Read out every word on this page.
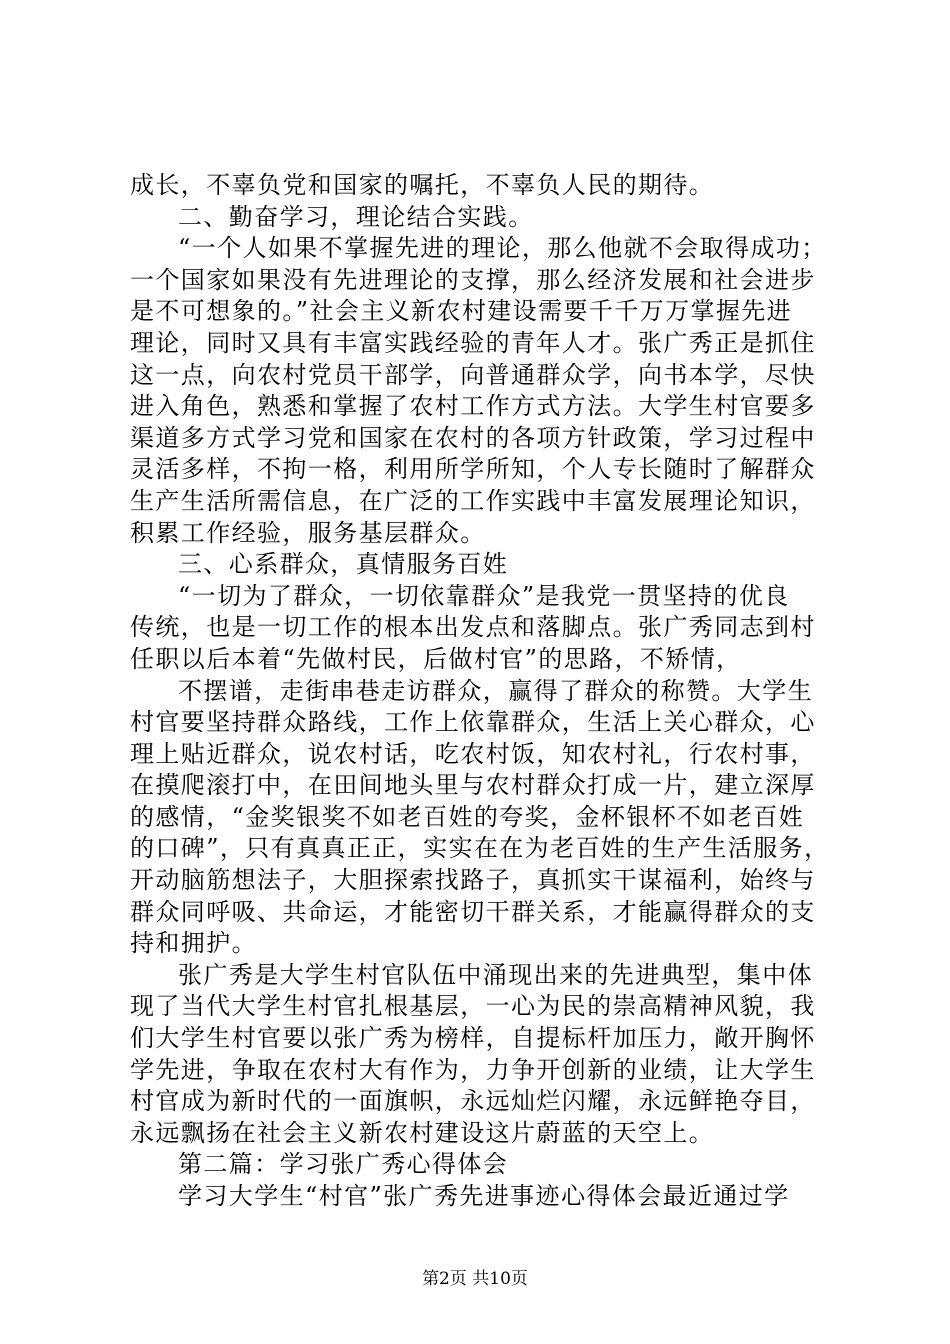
成长，不辜负党和国家的嘱托，不辜负人民的期待。
二、勤奋学习，理论结合实践。
“一个人如果不掌握先进的理论，那么他就不会取得成功；
一个国家如果没有先进理论的支撑，那么经济发展和社会进步
是不可想象的。”社会主义新农村建设需要千千万万掌握先进
理论，同时又具有丰富实践经验的青年人才。张广秀正是抓住
这一点，向农村党员干部学，向普通群众学，向书本学，尽快
进入角色，熟悉和掌握了农村工作方式方法。大学生村官要多
渠道多方式学习党和国家在农村的各项方针政策，学习过程中
灵活多样，不拘一格，利用所学所知，个人专长随时了解群众
生产生活所需信息，在广泛的工作实践中丰富发展理论知识，
积累工作经验，服务基层群众。
三、心系群众，真情服务百姓
“一切为了群众，一切依靠群众”是我党一贯坚持的优良
传统，也是一切工作的根本出发点和落脚点。张广秀同志到村
任职以后本着“先做村民，后做村官”的思路，不矫情，
不摆谱，走街串巷走访群众，赢得了群众的称赞。大学生
村官要坚持群众路线，工作上依靠群众，生活上关心群众，心
理上贴近群众，说农村话，吃农村饭，知农村礼，行农村事，
在摸爬滚打中，在田间地头里与农村群众打成一片，建立深厚
的感情，“金奖银奖不如老百姓的夸奖，金杯银杯不如老百姓
的口碑”，只有真真正正，实实在在为老百姓的生产生活服务，
开动脑筋想法子，大胆探索找路子，真抓实干谋福利，始终与
群众同呼吸、共命运，才能密切干群关系，才能赢得群众的支
持和拥护。
张广秀是大学生村官队伍中涌现出来的先进典型，集中体
现了当代大学生村官扎根基层，一心为民的崇高精神风貌，我
们大学生村官要以张广秀为榜样，自提标杆加压力，敞开胸怀
学先进，争取在农村大有作为，力争开创新的业绩，让大学生
村官成为新时代的一面旗帜，永远灿烂闪耀，永远鲜艳夺目，
永远飘扬在社会主义新农村建设这片蔚蓝的天空上。
第二篇：学习张广秀心得体会
学习大学生“村官”张广秀先进事迹心得体会最近通过学
第2页 共10页
